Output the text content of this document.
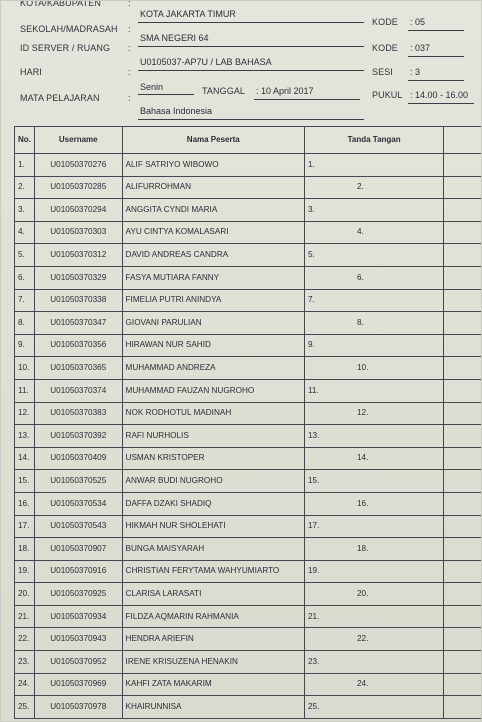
KOTA/KABUPATEN	:
KOTA JAKARTA TIMUR
SEKOLAH/MADRASAH :
SMA NEGERI 64
ID SERVER / RUANG :
U0105037-AP7U / LAB BAHASA
HARI	:
Senin	TANGGAL : 10 April 2017
MATA PELAJARAN	:
Bahasa Indonesia
KODE : 05
KODE : 037
SESI : 3
PUKUL : 14.00 - 16.00
No.	Username	Nama Peserta	Tanda Tangan	
1.	U01050370276	ALIF SATRIYO WIBOWO	1.	
2.	U01050370285	ALIFURROHMAN	2.	
3.	U01050370294	ANGGITA CYNDI MARIA	3.	
4.	U01050370303	AYU CINTYA KOMALASARI	4.	
5.	U01050370312	DAVID ANDREAS CANDRA	5.	
6.	U01050370329	FASYA MUTIARA FANNY	6.	
7.	U01050370338	FIMELIA PUTRI ANINDYA	7.	
8.	U01050370347	GIOVANI PARULIAN	8.	
9.	U01050370356	HIRAWAN NUR SAHID	9.	
10.	U01050370365	MUHAMMAD ANDREZA	10.	
11.	U01050370374	MUHAMMAD FAUZAN NUGROHO	11.	
12.	U01050370383	NOK RODHOTUL MADINAH	12.	
13.	U01050370392	RAFI NURHOLIS	13.	
14.	U01050370409	USMAN KRISTOPER	14.	
15.	U01050370525	ANWAR BUDI NUGROHO	15.	
16.	U01050370534	DAFFA DZAKI SHADIQ	16.	
17.	U01050370543	HIKMAH NUR SHOLEHATI	17.	
18.	U01050370907	BUNGA MAISYARAH	18.	
19.	U01050370916	CHRISTIAN FERYTAMA WAHYUMIARTO	19.	
20.	U01050370925	CLARISA LARASATI	20.	
21.	U01050370934	FILDZA AQMARIN RAHMANIA	21.	
22.	U01050370943	HENDRA ARIEFIN	22.	
23.	U01050370952	IRENE KRISUZENA HENAKIN	23.	
24.	U01050370969	KAHFI ZATA MAKARIM	24.	
25.	U01050370978	KHAIRUNNISA	25.	
